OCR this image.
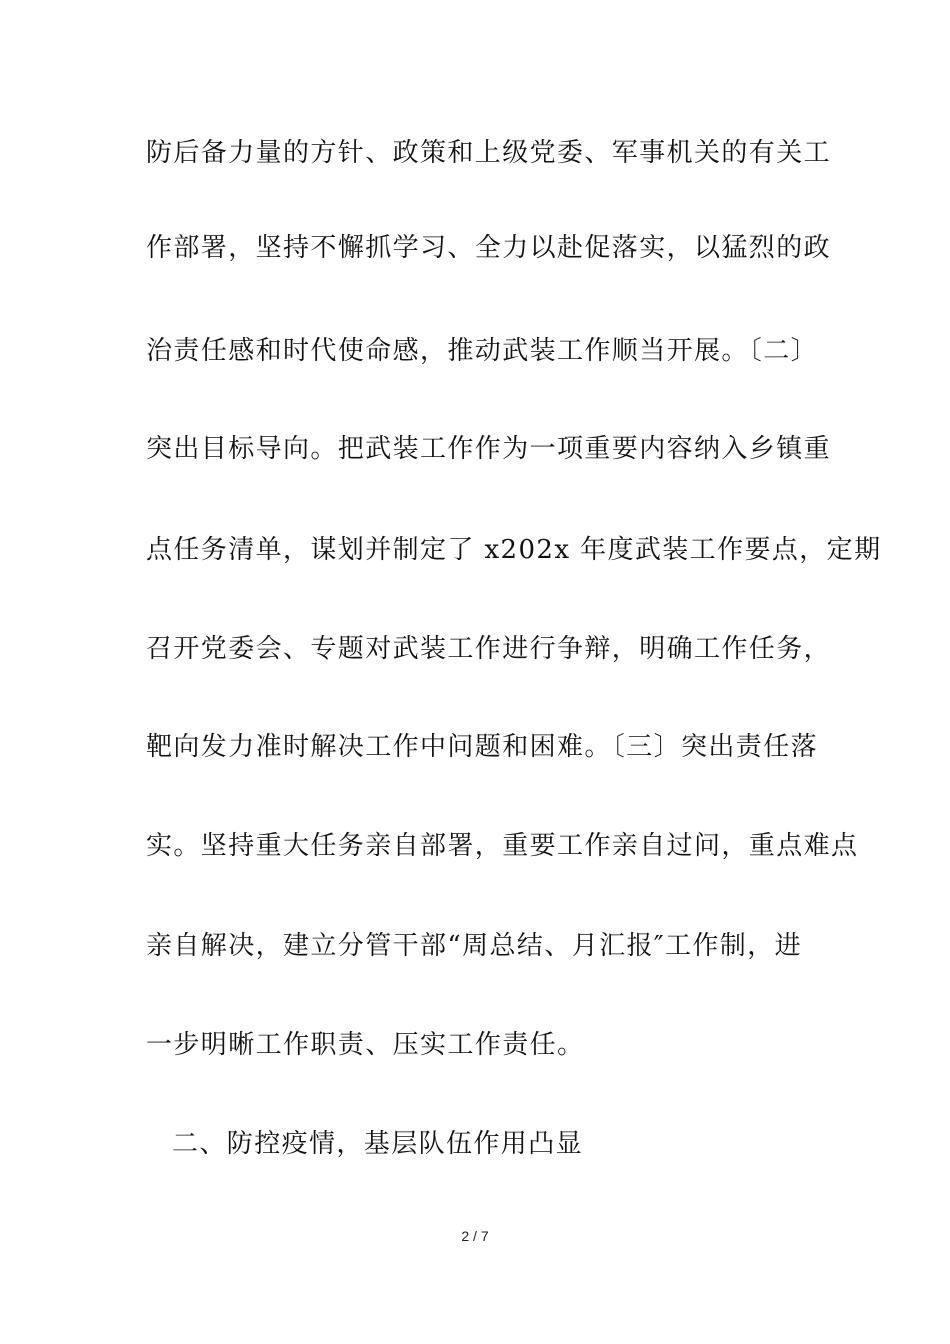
防后备力量的方针、政策和上级党委、军事机关的有关工
作部署，坚持不懈抓学习、全力以赴促落实，以猛烈的政
治责任感和时代使命感，推动武装工作顺当开展。〔二〕
突出目标导向。把武装工作作为一项重要内容纳入乡镇重
点任务清单，谋划并制定了 x202x 年度武装工作要点，定期
召开党委会、专题对武装工作进行争辩，明确工作任务，
靶向发力准时解决工作中问题和困难。〔三〕突出责任落
实。坚持重大任务亲自部署，重要工作亲自过问，重点难点
亲自解决，建立分管干部“周总结、月汇报″工作制，进
一步明晰工作职责、压实工作责任。
二、防控疫情，基层队伍作用凸显
2 / 7
